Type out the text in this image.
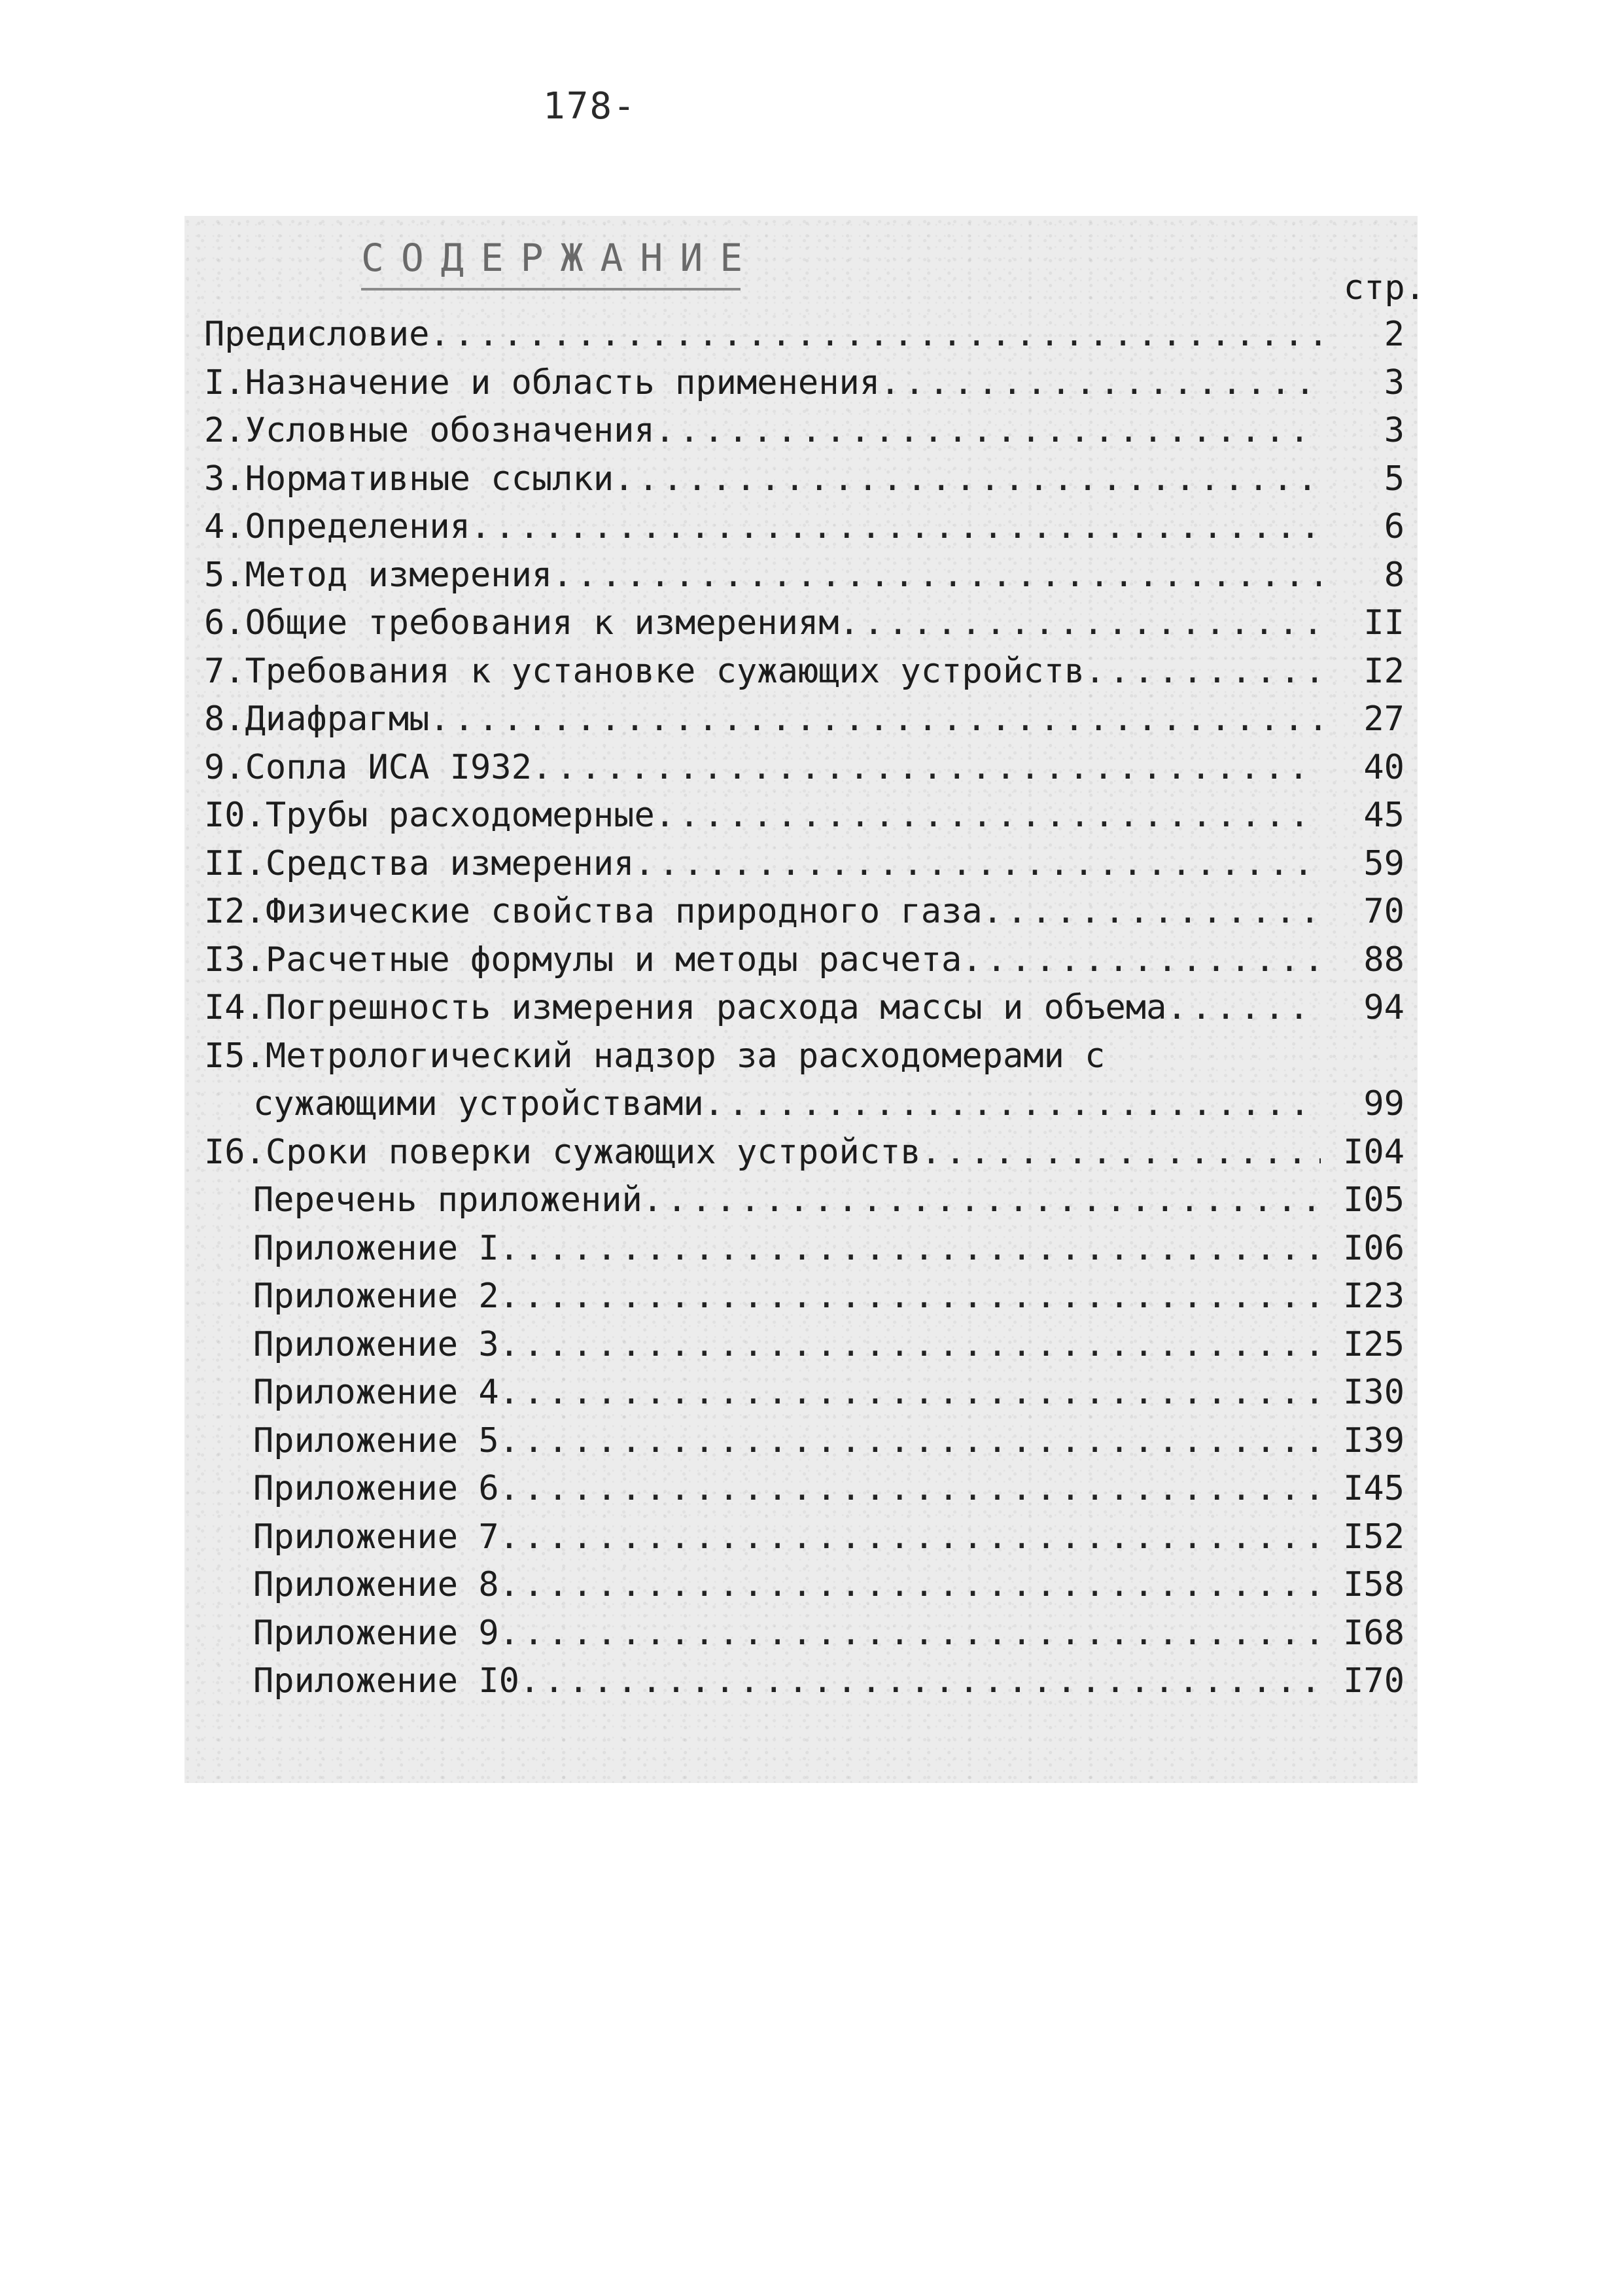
178-
СОДЕРЖАНИЕ
стр.
Предисловие .....	2
I.Назначение и область применения .....	3
2.Условные обозначения .....	3
3.Нормативные ссылки .....	5
4.Определения .....	6
5.Метод измерения .....	8
6.Общие требования к измерениям .....	II
7.Требования к установке сужающих устройств .....	I2
8.Диафрагмы .....	27
9.Сопла ИСА I932 .....	40
I0.Трубы расходомерные .....	45
II.Средства измерения .....	59
I2.Физические свойства природного газа .....	70
I3.Расчетные формулы и методы расчета .....	88
I4.Погрешность измерения расхода массы и объема .....	94
I5.Метрологический надзор за расходомерами с
сужающими устройствами .....	99
I6.Сроки поверки сужающих устройств .....	I04
Перечень приложений .....	I05
Приложение I .....	I06
Приложение 2 .....	I23
Приложение 3 .....	I25
Приложение 4 .....	I30
Приложение 5 .....	I39
Приложение 6 .....	I45
Приложение 7 .....	I52
Приложение 8 .....	I58
Приложение 9 .....	I68
Приложение I0 .....	I70
